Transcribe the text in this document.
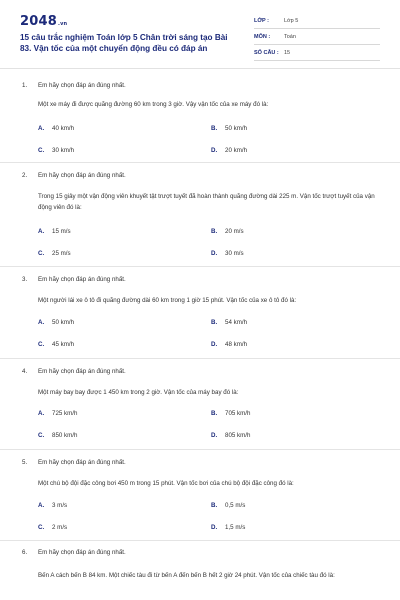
2048.vn
15 câu trắc nghiệm Toán lớp 5 Chân trời sáng tạo Bài 83. Vận tốc của một chuyển động đều có đáp án
LỚP :	Lớp 5
MÔN :	Toán
SỐ CÂU : 15
1. Em hãy chọn đáp án đúng nhất.
Một xe máy đi được quãng đường 60 km trong 3 giờ. Vậy vận tốc của xe máy đó là:
A. 40 km/h	B. 50 km/h
C. 30 km/h	D. 20 km/h
2. Em hãy chọn đáp án đúng nhất.
Trong 15 giây một vận động viên khuyết tật trượt tuyết đã hoàn thành quãng đường dài 225 m. Vận tốc trượt tuyết của vận động viên đó là:
A. 15 m/s	B. 20 m/s
C. 25 m/s	D. 30 m/s
3. Em hãy chọn đáp án đúng nhất.
Một người lái xe ô tô đi quãng đường dài 60 km trong 1 giờ 15 phút. Vận tốc của xe ô tô đó là:
A. 50 km/h	B. 54 km/h
C. 45 km/h	D. 48 km/h
4. Em hãy chọn đáp án đúng nhất.
Một máy bay bay được 1 450 km trong 2 giờ. Vận tốc của máy bay đó là:
A. 725 km/h	B. 705 km/h
C. 850 km/h	D. 805 km/h
5. Em hãy chọn đáp án đúng nhất.
Một chú bộ đội đặc công bơi 450 m trong 15 phút. Vận tốc bơi của chú bộ đội đặc công đó là:
A. 3 m/s	B. 0,5 m/s
C. 2 m/s	D. 1,5 m/s
6. Em hãy chọn đáp án đúng nhất.
Bến A cách bến B 84 km. Một chiếc tàu đi từ bến A đến bến B hết 2 giờ 24 phút. Vận tốc của chiếc tàu đó là:
